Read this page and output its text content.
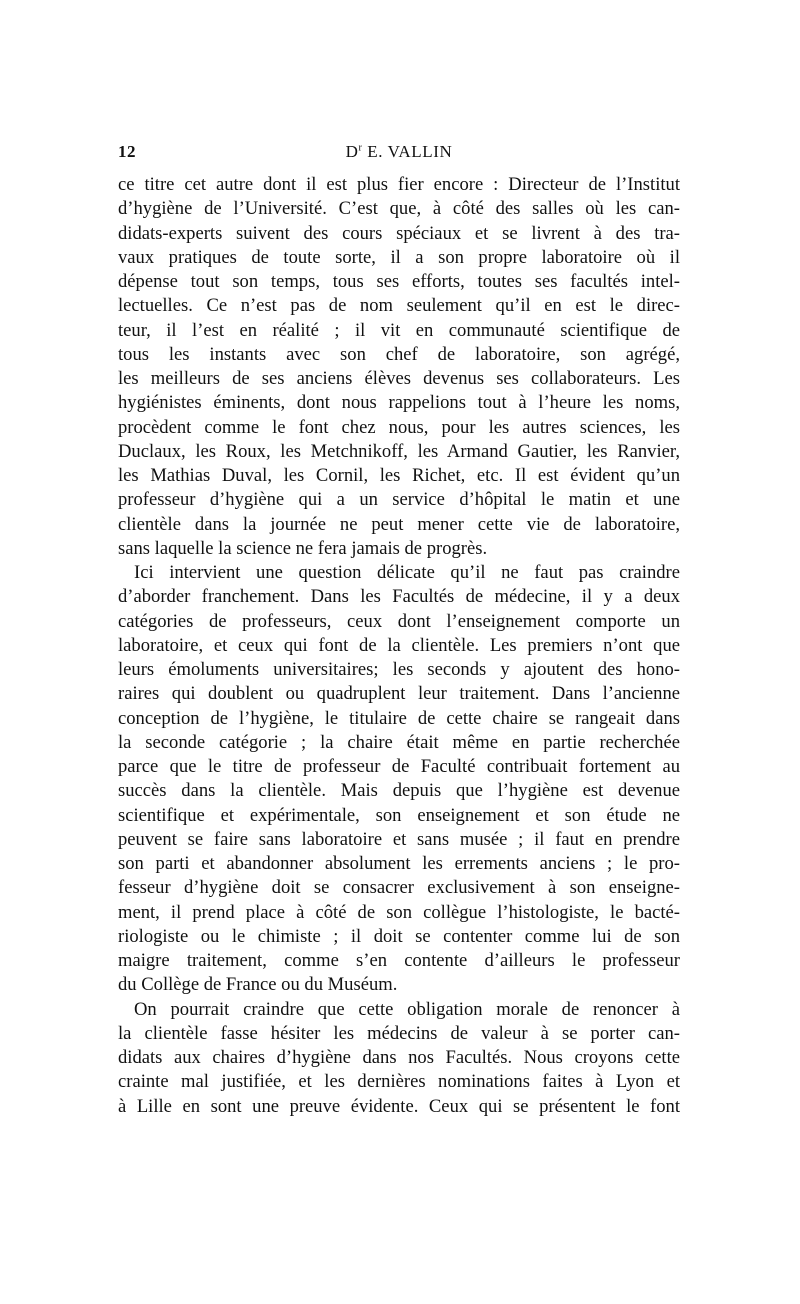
12	$D^r$ E. VALLIN
ce titre cet autre dont il est plus fier encore : Directeur de l’Institut
d’hygiène de l’Université. C’est que, à côté des salles où les can-
didats-experts suivent des cours spéciaux et se livrent à des tra-
vaux pratiques de toute sorte, il a son propre laboratoire où il
dépense tout son temps, tous ses efforts, toutes ses facultés intel-
lectuelles. Ce n’est pas de nom seulement qu’il en est le direc-
teur, il l’est en réalité ; il vit en communauté scientifique de
tous les instants avec son chef de laboratoire, son agrégé,
les meilleurs de ses anciens élèves devenus ses collaborateurs. Les
hygiénistes éminents, dont nous rappelions tout à l’heure les noms,
procèdent comme le font chez nous, pour les autres sciences, les
Duclaux, les Roux, les Metchnikoff, les Armand Gautier, les Ranvier,
les Mathias Duval, les Cornil, les Richet, etc. Il est évident qu’un
professeur d’hygiène qui a un service d’hôpital le matin et une
clientèle dans la journée ne peut mener cette vie de laboratoire,
sans laquelle la science ne fera jamais de progrès.
Ici intervient une question délicate qu’il ne faut pas craindre
d’aborder franchement. Dans les Facultés de médecine, il y a deux
catégories de professeurs, ceux dont l’enseignement comporte un
laboratoire, et ceux qui font de la clientèle. Les premiers n’ont que
leurs émoluments universitaires; les seconds y ajoutent des hono-
raires qui doublent ou quadruplent leur traitement. Dans l’ancienne
conception de l’hygiène, le titulaire de cette chaire se rangeait dans
la seconde catégorie ; la chaire était même en partie recherchée
parce que le titre de professeur de Faculté contribuait fortement au
succès dans la clientèle. Mais depuis que l’hygiène est devenue
scientifique et expérimentale, son enseignement et son étude ne
peuvent se faire sans laboratoire et sans musée ; il faut en prendre
son parti et abandonner absolument les errements anciens ; le pro-
fesseur d’hygiène doit se consacrer exclusivement à son enseigne-
ment, il prend place à côté de son collègue l’histologiste, le bacté-
riologiste ou le chimiste ; il doit se contenter comme lui de son
maigre traitement, comme s’en contente d’ailleurs le professeur
du Collège de France ou du Muséum.
On pourrait craindre que cette obligation morale de renoncer à
la clientèle fasse hésiter les médecins de valeur à se porter can-
didats aux chaires d’hygiène dans nos Facultés. Nous croyons cette
crainte mal justifiée, et les dernières nominations faites à Lyon et
à Lille en sont une preuve évidente. Ceux qui se présentent le font
